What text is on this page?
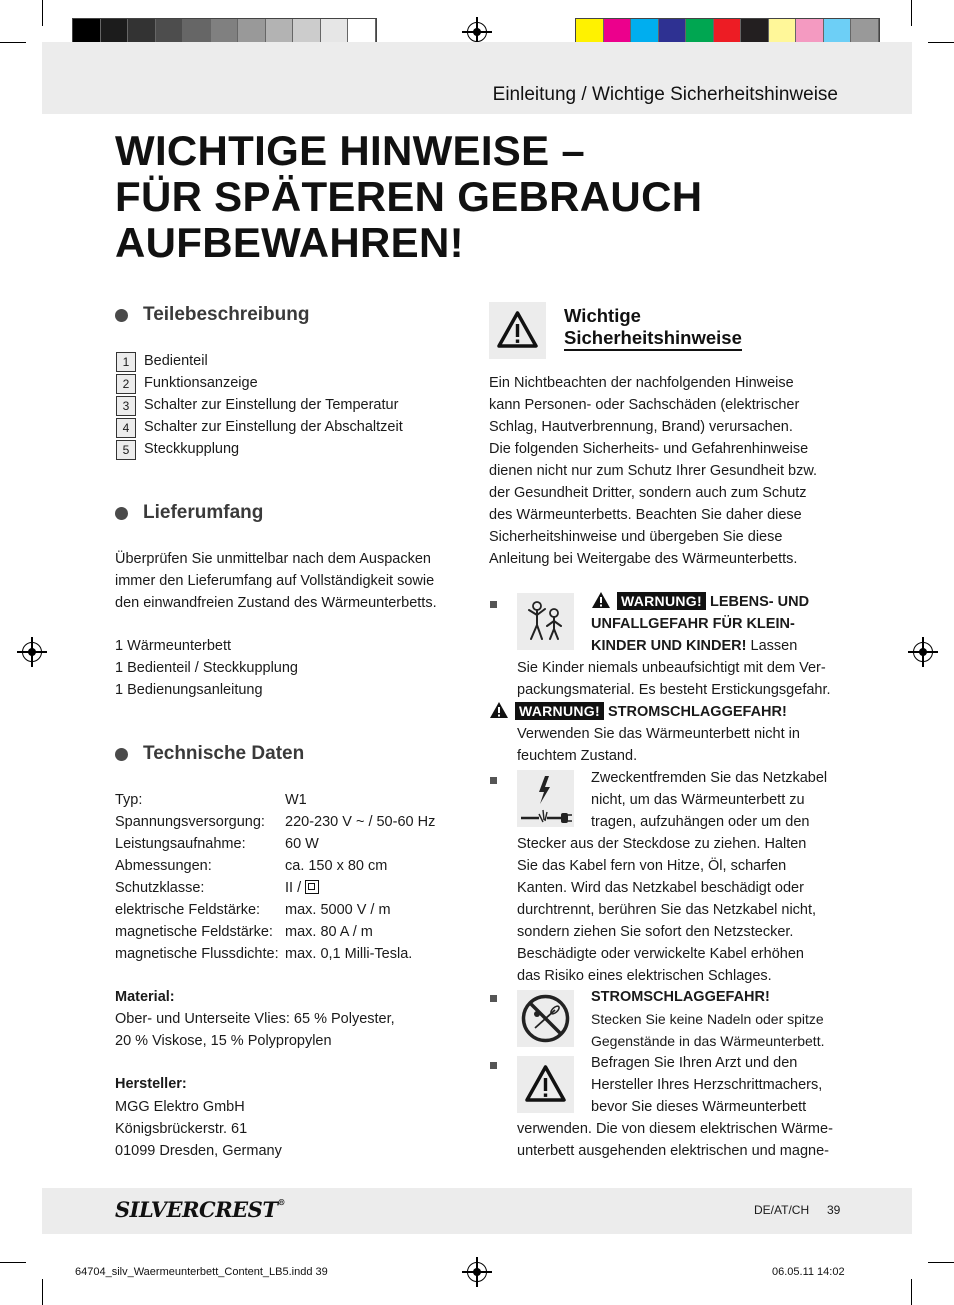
Einleitung / Wichtige Sicherheitshinweise
WICHTIGE HINWEISE –
FÜR SPÄTEREN GEBRAUCH
AUFBEWAHREN!
Teilebeschreibung
1	Bedienteil
2	Funktionsanzeige
3	Schalter zur Einstellung der Temperatur
4	Schalter zur Einstellung der Abschaltzeit
5	Steckkupplung
Lieferumfang
Überprüfen Sie unmittelbar nach dem Auspacken
immer den Lieferumfang auf Vollständigkeit sowie
den einwandfreien Zustand des Wärmeunterbetts.
1 Wärmeunterbett
1 Bedienteil / Steckkupplung
1 Bedienungsanleitung
Technische Daten
Typ:	W1
Spannungsversorgung: 220-230 V ~ / 50-60 Hz
Leistungsaufnahme:	60 W
Abmessungen:	ca. 150 x 80 cm
Schutzklasse:	II /
elektrische Feldstärke: max. 5000 V / m
magnetische Feldstärke: max. 80 A / m
magnetische Flussdichte: max. 0,1 Milli-Tesla.
Material:
Ober- und Unterseite Vlies: 65 % Polyester,
20 % Viskose, 15 % Polypropylen
Hersteller:
MGG Elektro GmbH
Königsbrückerstr. 61
01099 Dresden, Germany
Wichtige
Sicherheitshinweise
Ein Nichtbeachten der nachfolgenden Hinweise
kann Personen- oder Sachschäden (elektrischer
Schlag, Hautverbrennung, Brand) verursachen.
Die folgenden Sicherheits- und Gefahrenhinweise
dienen nicht nur zum Schutz Ihrer Gesundheit bzw.
der Gesundheit Dritter, sondern auch zum Schutz
des Wärmeunterbetts. Beachten Sie daher diese
Sicherheitshinweise und übergeben Sie diese
Anleitung bei Weitergabe des Wärmeunterbetts.
WARNUNG! LEBENS- UND
UNFALLGEFAHR FÜR KLEIN-
KINDER UND KINDER! Lassen
Sie Kinder niemals unbeaufsichtigt mit dem Ver-
packungsmaterial. Es besteht Erstickungsgefahr.
WARNUNG! STROMSCHLAGGEFAHR!
Verwenden Sie das Wärmeunterbett nicht in
feuchtem Zustand.
Zweckentfremden Sie das Netzkabel
nicht, um das Wärmeunterbett zu
tragen, aufzuhängen oder um den
Stecker aus der Steckdose zu ziehen. Halten
Sie das Kabel fern von Hitze, Öl, scharfen
Kanten. Wird das Netzkabel beschädigt oder
durchtrennt, berühren Sie das Netzkabel nicht,
sondern ziehen Sie sofort den Netzstecker.
Beschädigte oder verwickelte Kabel erhöhen
das Risiko eines elektrischen Schlages.
STROMSCHLAGGEFAHR!
Stecken Sie keine Nadeln oder spitze
Gegenstände in das Wärmeunterbett.
Befragen Sie Ihren Arzt und den
Hersteller Ihres Herzschrittmachers,
bevor Sie dieses Wärmeunterbett
verwenden. Die von diesem elektrischen Wärme-
unterbett ausgehenden elektrischen und magne-
SILVERCREST®
DE/AT/CH 39
64704_silv_Waermeunterbett_Content_LB5.indd 39	06.05.11 14:02
